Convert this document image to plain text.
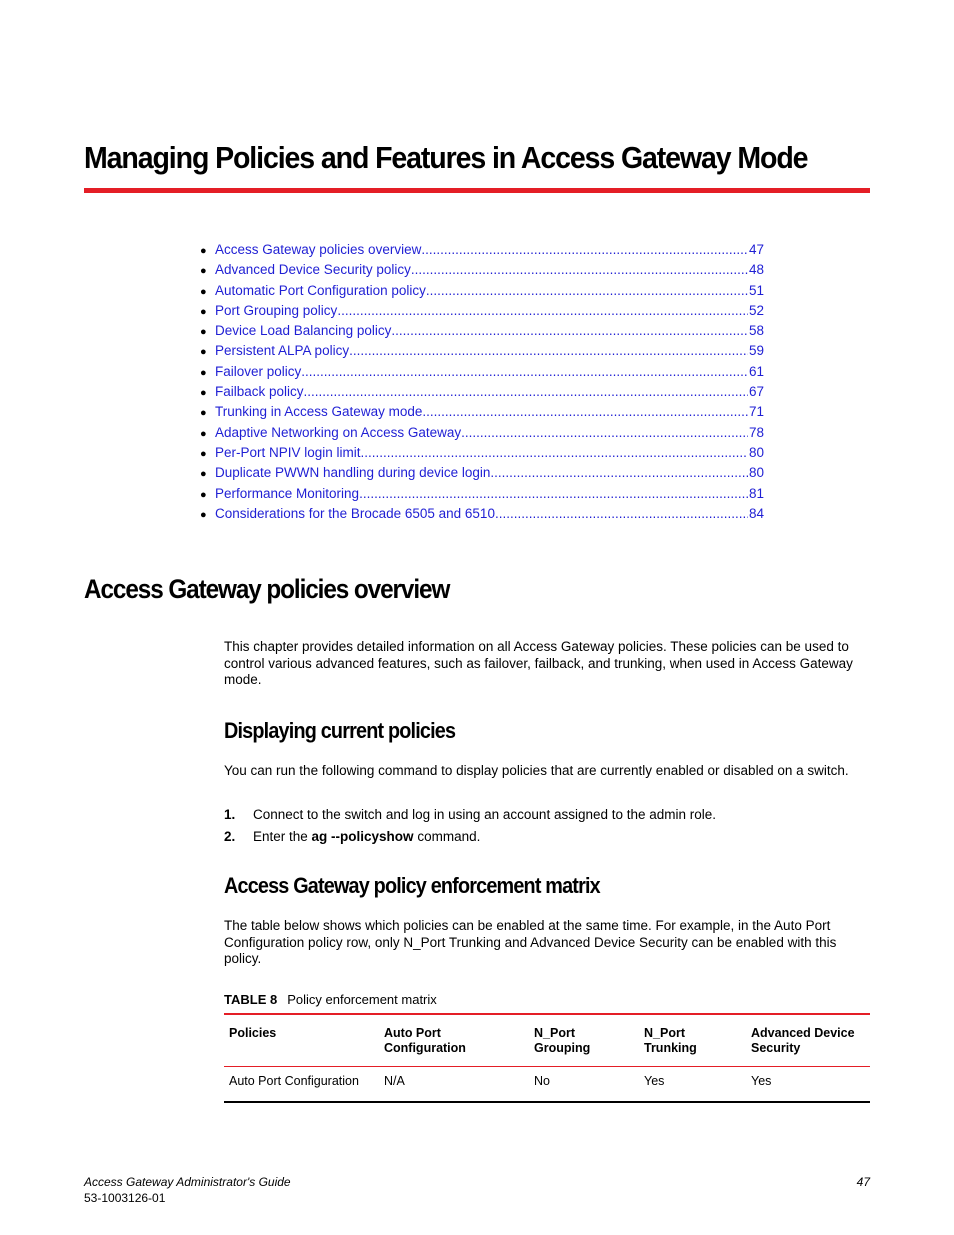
Managing Policies and Features in Access Gateway Mode
● Access Gateway policies overview .....	47
● Advanced Device Security policy .....	48
● Automatic Port Configuration policy .....	51
● Port Grouping policy .....	52
● Device Load Balancing policy .....	58
● Persistent ALPA policy .....	59
● Failover policy .....	61
● Failback policy .....	67
● Trunking in Access Gateway mode .....	71
● Adaptive Networking on Access Gateway .....	78
● Per-Port NPIV login limit .....	80
● Duplicate PWWN handling during device login .....	80
● Performance Monitoring .....	81
● Considerations for the Brocade 6505 and 6510 .....	84
Access Gateway policies overview

This chapter provides detailed information on all Access Gateway policies. These policies can be used to control various advanced features, such as failover, failback, and trunking, when used in Access Gateway mode.

Displaying current policies

You can run the following command to display policies that are currently enabled or disabled on a switch.

1. Connect to the switch and log in using an account assigned to the admin role.
2. Enter the ag --policyshow command.
Access Gateway policy enforcement matrix

The table below shows which policies can be enabled at the same time. For example, in the Auto Port Configuration policy row, only N_Port Trunking and Advanced Device Security can be enabled with this policy.

TABLE 8 Policy enforcement matrix
Policies	Auto Port Configuration	N_Port Grouping	N_Port Trunking	Advanced Device Security
Auto Port Configuration	N/A	No	Yes	Yes
Access Gateway Administrator's Guide
53-1003126-01
47
